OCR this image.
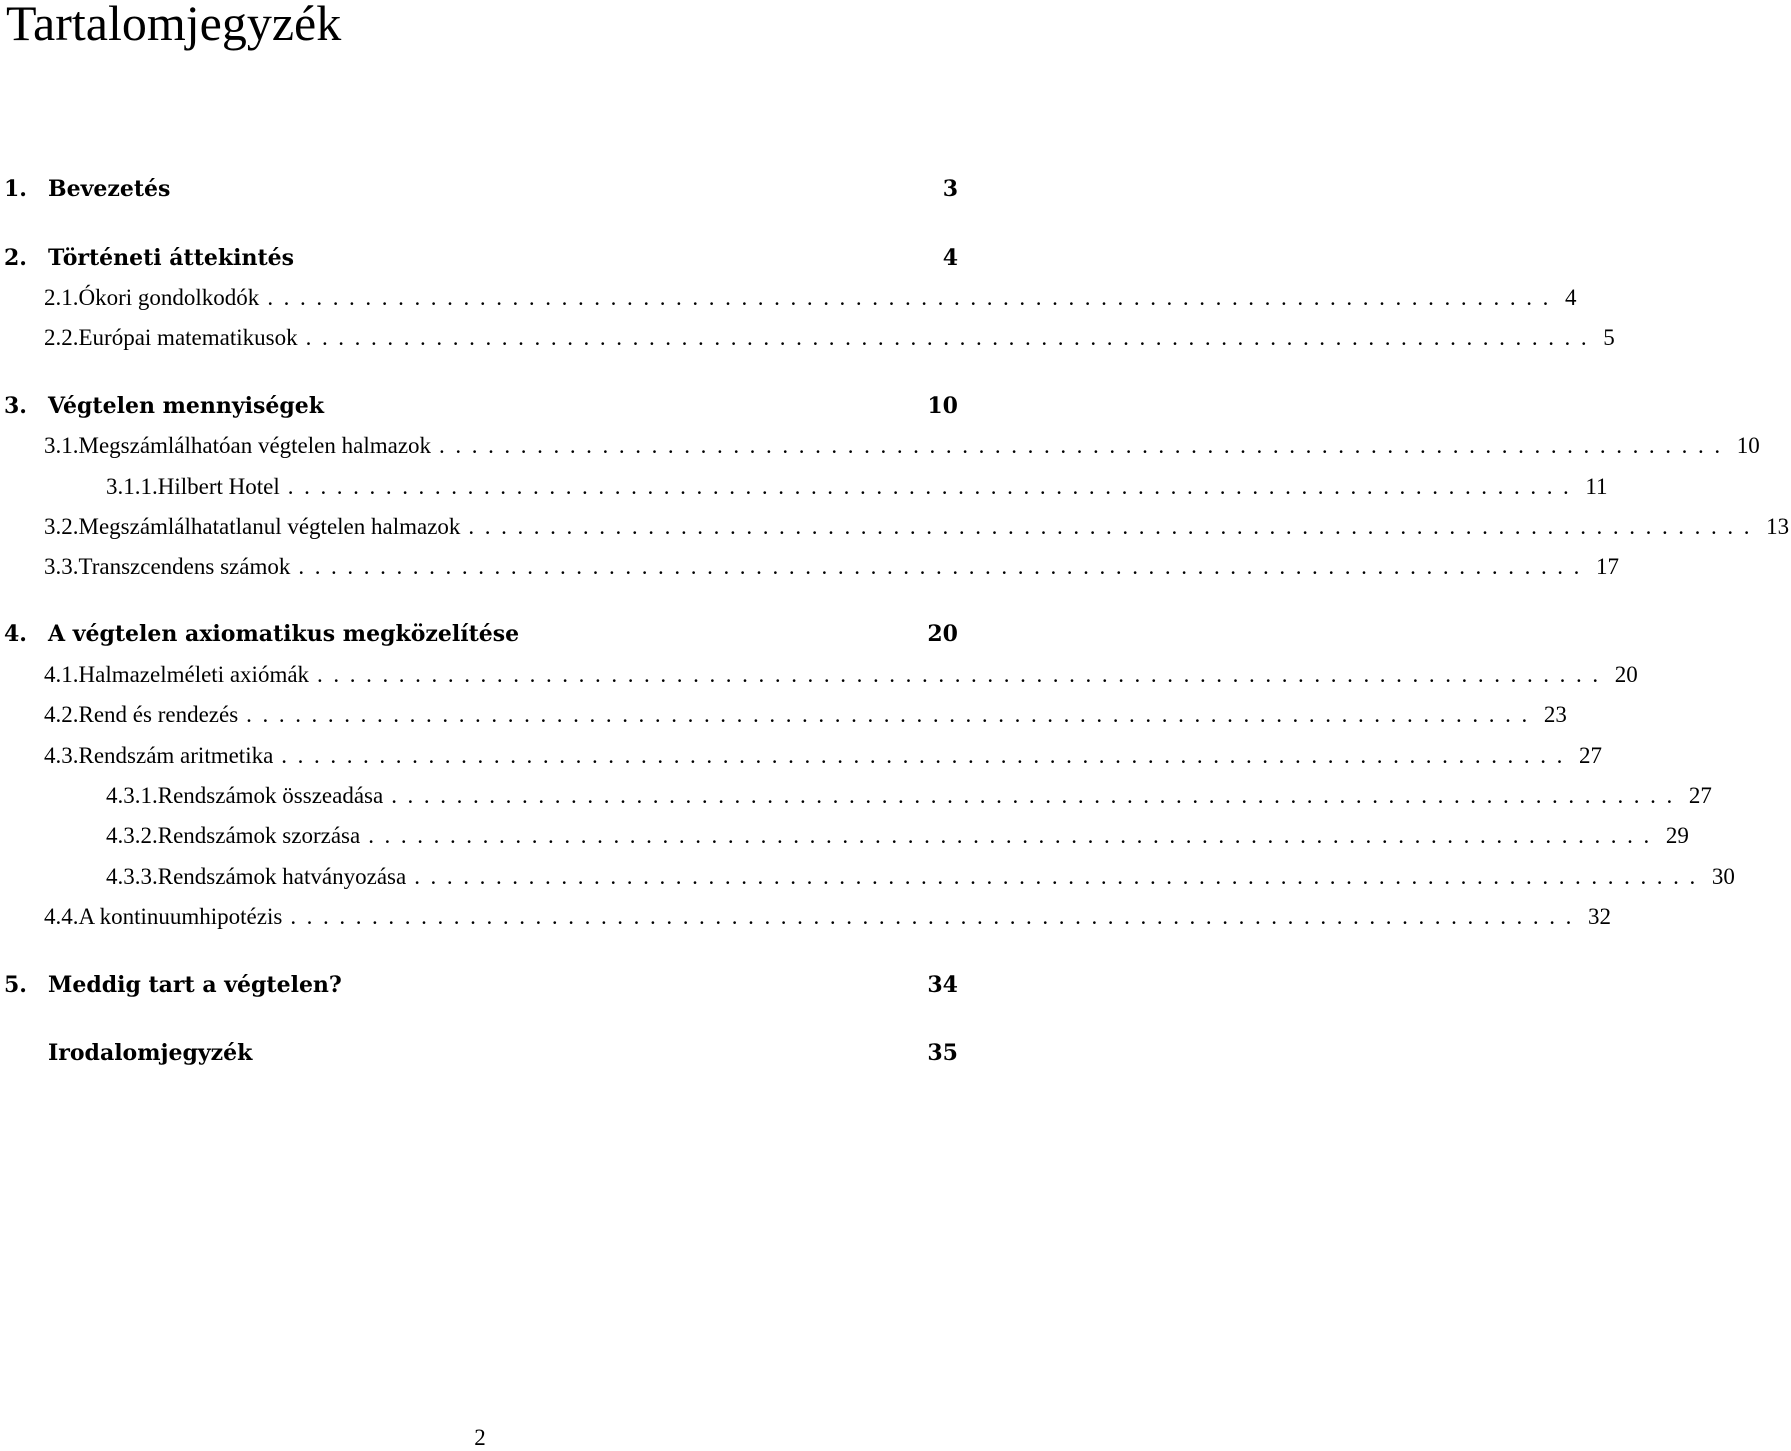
Tartalomjegyzék
1. Bevezetés	3
2. Történeti áttekintés	4
2.1. Ókori gondolkodók ............................................................................... 4
2.2. Európai matematikusok ............................................................................... 5
3. Végtelen mennyiségek	10
3.1. Megszámlálhatóan végtelen halmazok ............................................................................... 10
3.1.1. Hilbert Hotel ............................................................................... 11
3.2. Megszámlálhatatlanul végtelen halmazok ............................................................................... 13
3.3. Transzcendens számok ............................................................................... 17
4. A végtelen axiomatikus megközelítése	20
4.1. Halmazelméleti axiómák ............................................................................... 20
4.2. Rend és rendezés ............................................................................... 23
4.3. Rendszám aritmetika ............................................................................... 27
4.3.1. Rendszámok összeadása ............................................................................... 27
4.3.2. Rendszámok szorzása ............................................................................... 29
4.3.3. Rendszámok hatványozása ............................................................................... 30
4.4. A kontinuumhipotézis ............................................................................... 32
5. Meddig tart a végtelen?	34
Irodalomjegyzék	35
2
